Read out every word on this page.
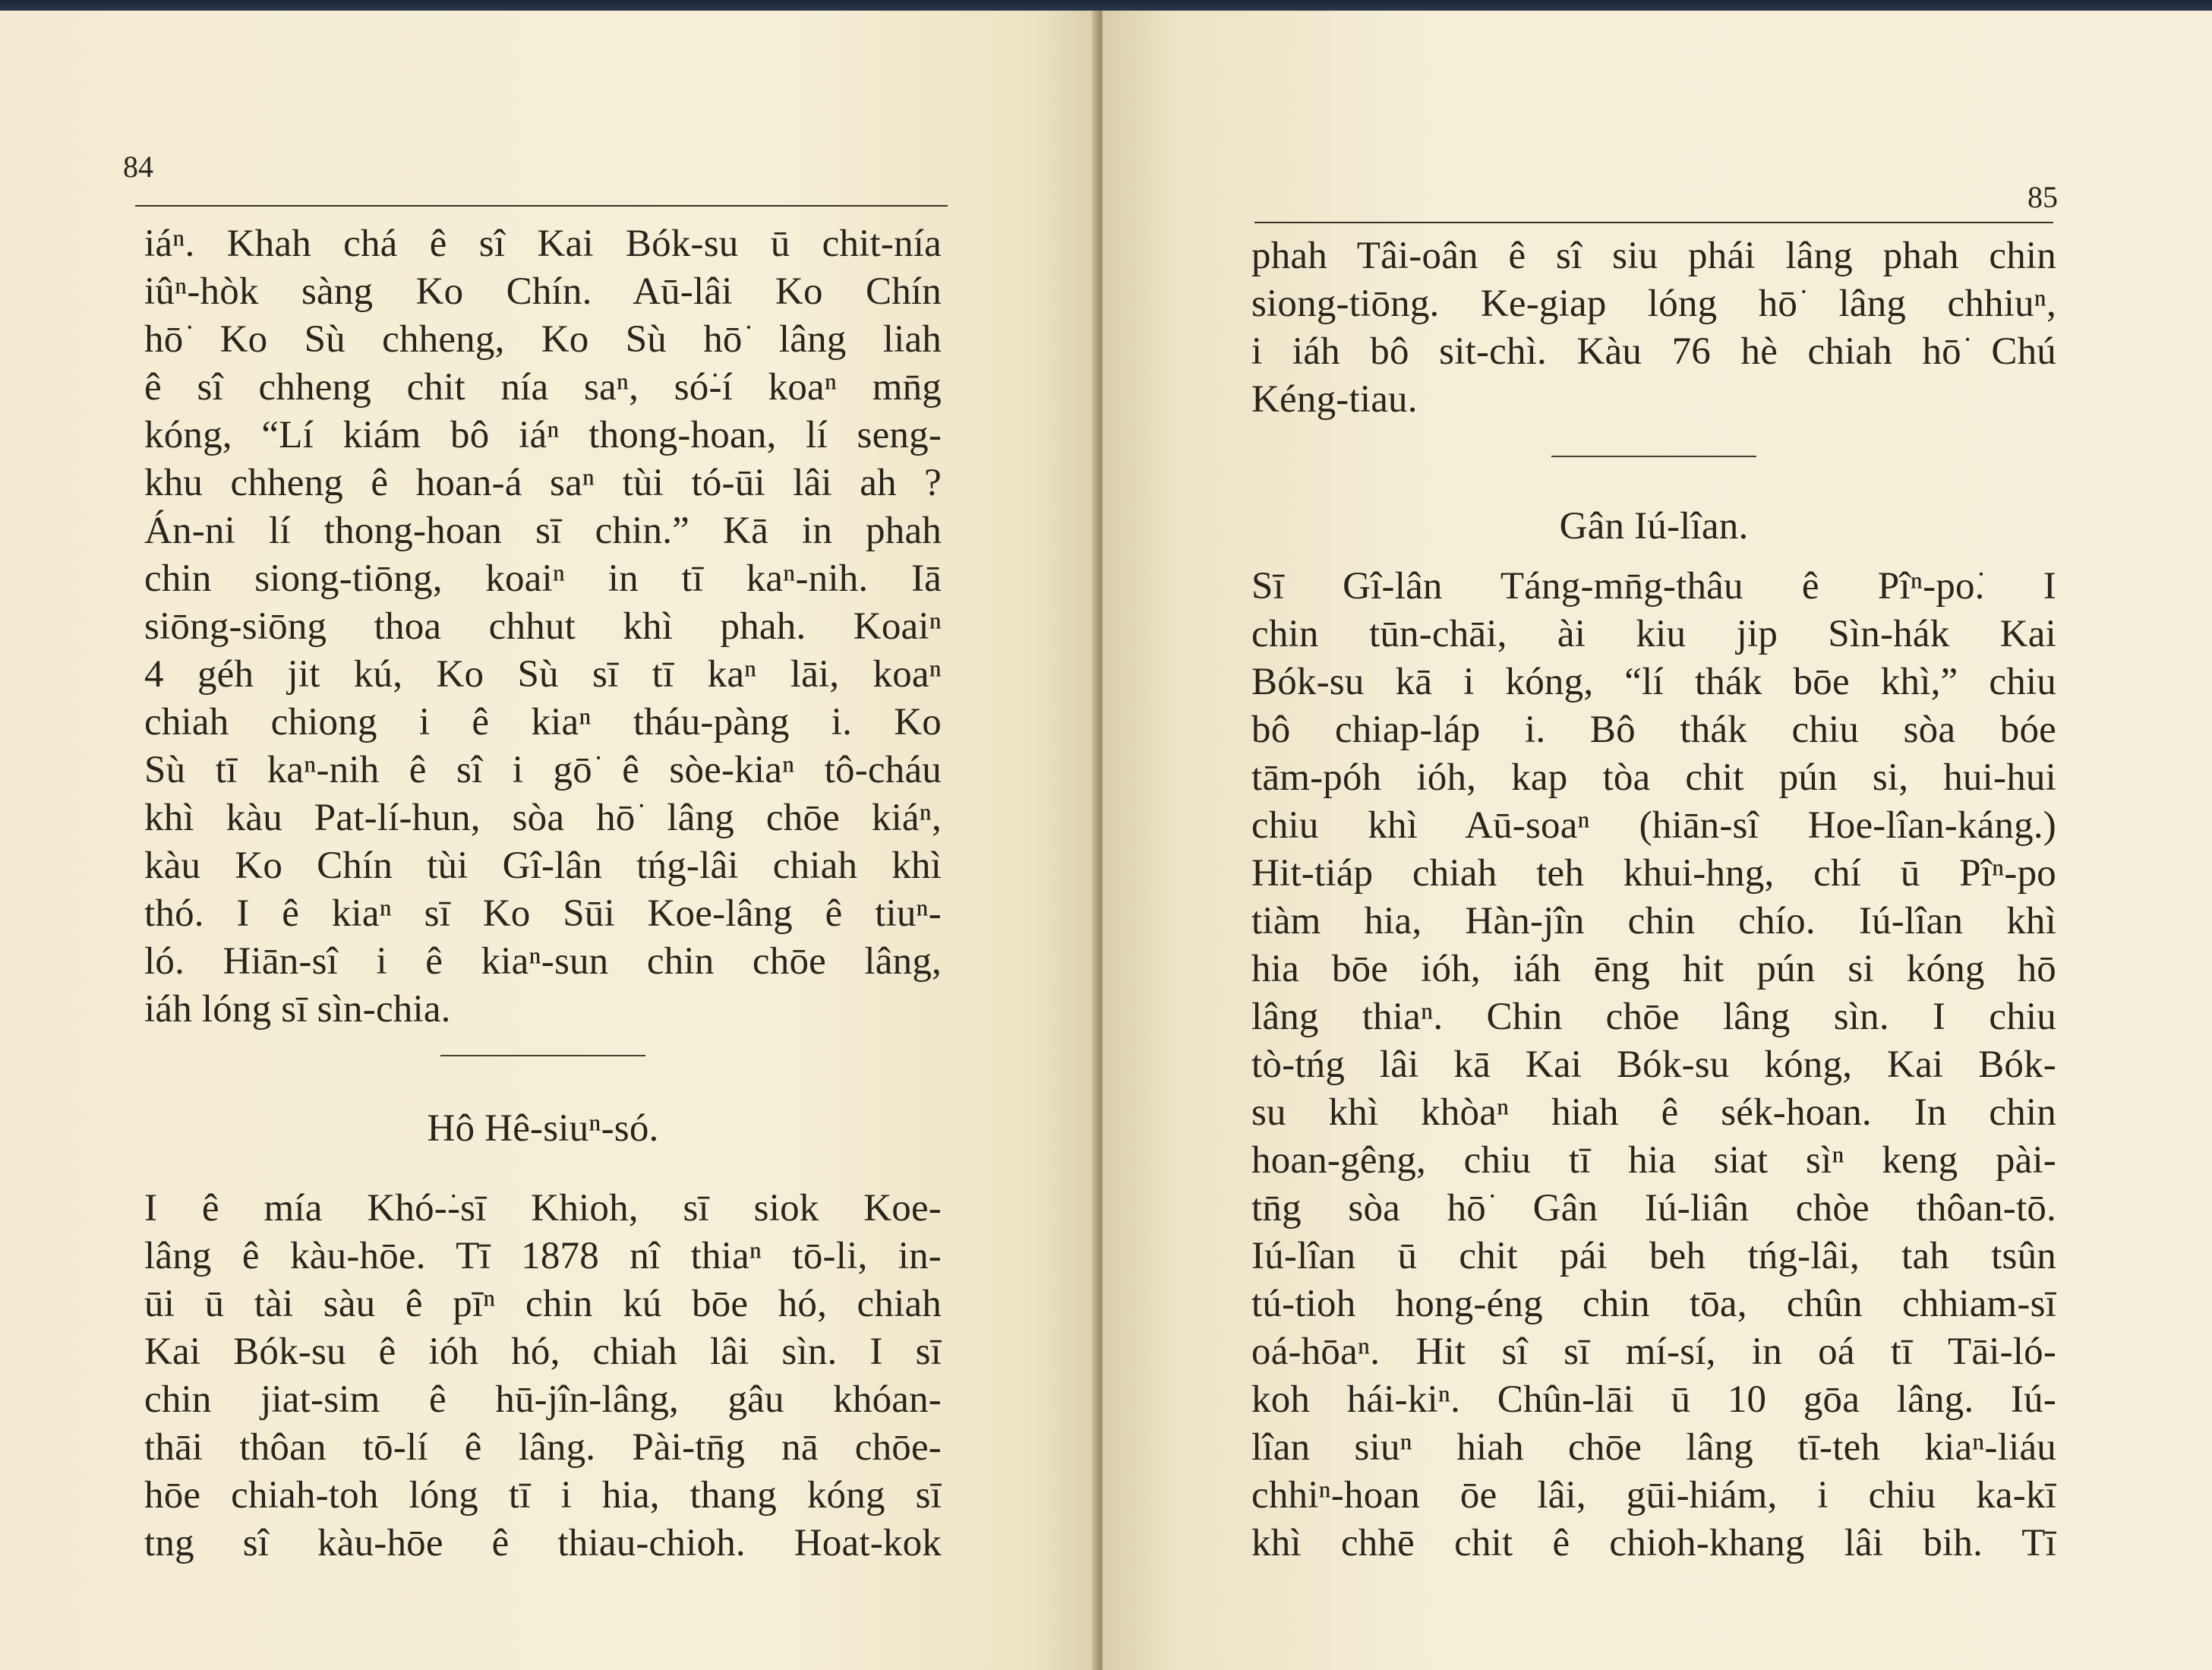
84
iáⁿ. Khah chá ê sî Kai Bók-su ū chit-nía
iûⁿ-hòk sàng Ko Chín. Aū-lâi Ko Chín
hō͘ Ko Sù chheng, Ko Sù hō͘ lâng liah
ê sî chheng chit nía saⁿ, só͘-í koaⁿ mn̄g
kóng, “Lí kiám bô iáⁿ thong-hoan, lí seng-
khu chheng ê hoan-á saⁿ tùi tó-ūi lâi ah ?
Án-ni lí thong-hoan sī chin.” Kā in phah
chin siong-tiōng, koaiⁿ in tī kaⁿ-nih. Iā
siōng-siōng thoa chhut khì phah. Koaiⁿ
4 géh jit kú, Ko Sù sī tī kaⁿ lāi, koaⁿ
chiah chiong i ê kiaⁿ tháu-pàng i. Ko
Sù tī kaⁿ-nih ê sî i gō͘ ê sòe-kiaⁿ tô-cháu
khì kàu Pat-lí-hun, sòa hō͘ lâng chōe kiáⁿ,
kàu Ko Chín tùi Gî-lân tńg-lâi chiah khì
thó. I ê kiaⁿ sī Ko Sūi Koe-lâng ê tiuⁿ-
ló. Hiān-sî i ê kiaⁿ-sun chin chōe lâng,
iáh lóng sī sìn-chia.
Hô Hê-siuⁿ-só.
I ê mía Khó-͘-sī Khioh, sī siok Koe-
lâng ê kàu-hōe. Tī 1878 nî thiaⁿ tō-li, in-
ūi ū tài sàu ê pīⁿ chin kú bōe hó, chiah
Kai Bók-su ê ióh hó, chiah lâi sìn. I sī
chin jiat-sim ê hū-jîn-lâng, gâu khóan-
thāi thôan tō-lí ê lâng. Pài-tn̄g nā chōe-
hōe chiah-toh lóng tī i hia, thang kóng sī
tng sî kàu-hōe ê thiau-chioh. Hoat-kok
85
phah Tâi-oân ê sî siu phái lâng phah chin
siong-tiōng. Ke-giap lóng hō͘ lâng chhiuⁿ,
i iáh bô sit-chì. Kàu 76 hè chiah hō͘ Chú
Kéng-tiau.
Gân Iú-lîan.
Sī Gî-lân Táng-mn̄g-thâu ê Pîⁿ-po͘. I
chin tūn-chāi, ài kiu jip Sìn-hák Kai
Bók-su kā i kóng, “lí thák bōe khì,” chiu
bô chiap-láp i. Bô thák chiu sòa bóe
tām-póh ióh, kap tòa chit pún si, hui-hui
chiu khì Aū-soaⁿ (hiān-sî Hoe-lîan-káng.)
Hit-tiáp chiah teh khui-hng, chí ū Pîⁿ-po͘
tiàm hia, Hàn-jîn chin chío. Iú-lîan khì
hia bōe ióh, iáh ēng hit pún si kóng hō͘
lâng thiaⁿ. Chin chōe lâng sìn. I chiu
tò-tńg lâi kā Kai Bók-su kóng, Kai Bók-
su khì khòaⁿ hiah ê sék-hoan. In chin
hoan-gêng, chiu tī hia siat sìⁿ keng pài-
tn̄g sòa hō͘ Gân Iú-liân chòe thôan-tō.
Iú-lîan ū chit pái beh tńg-lâi, tah tsûn
tú-tioh hong-éng chin tōa, chûn chhiam-sī
oá-hōaⁿ. Hit sî sī mí-sí, in oá tī Tāi-ló-
koh hái-kiⁿ. Chûn-lāi ū 10 gōa lâng. Iú-
lîan siuⁿ hiah chōe lâng tī-teh kiaⁿ-liáu
chhiⁿ-hoan ōe lâi, gūi-hiám, i chiu ka-kī
khì chhē chit ê chioh-khang lâi bih. Tī
